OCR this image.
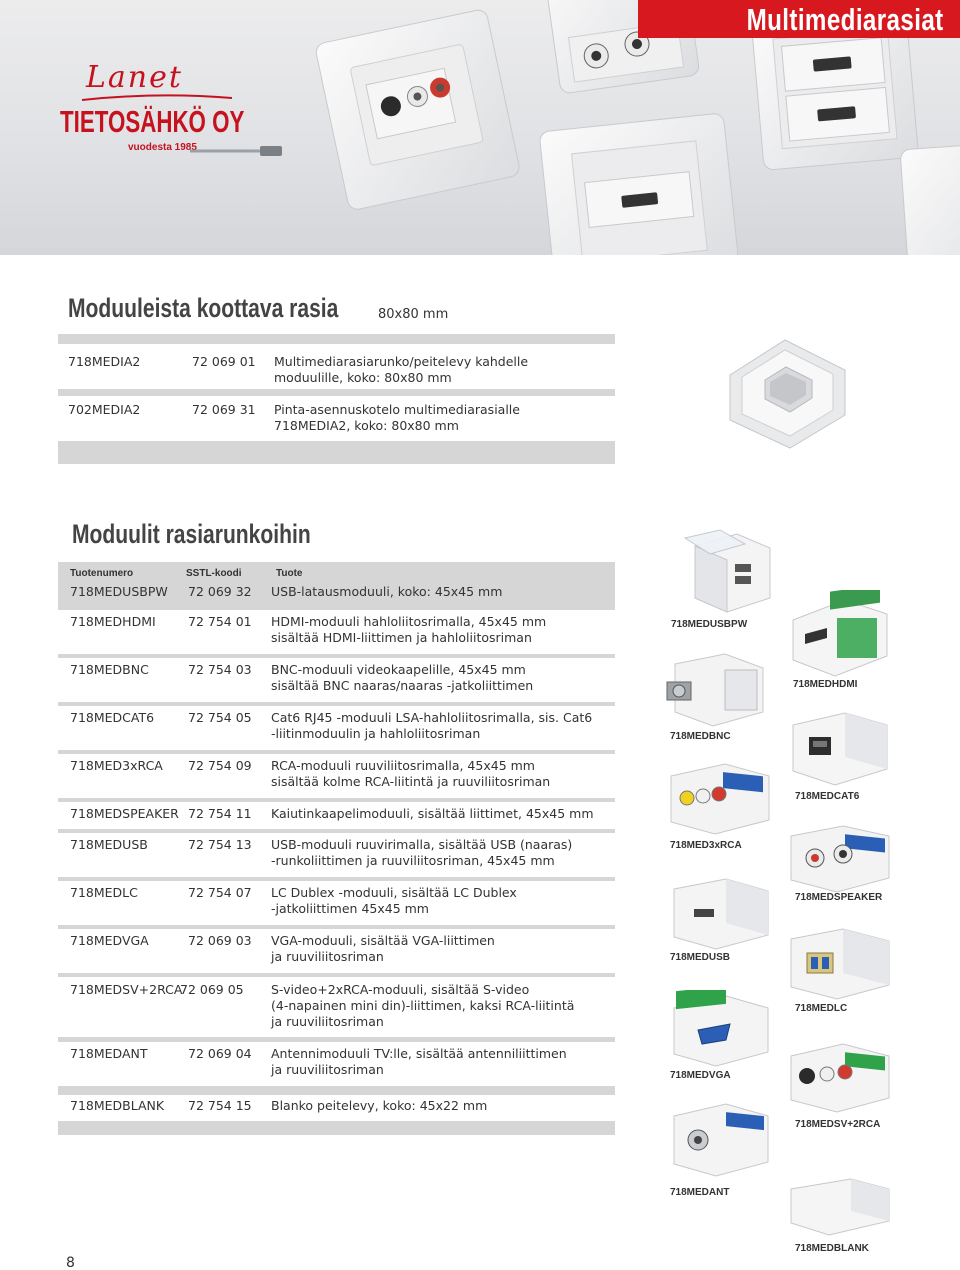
Multimediarasiat
Lanet
TIETOSÄHKÖ OY
vuodesta 1985
Moduuleista koottava rasia	80x80 mm
718MEDIA2	72 069 01 Multimediarasiarunko/peitelevy kahdelle
moduulille, koko: 80x80 mm
702MEDIA2	72 069 31 Pinta-asennuskotelo multimediarasialle
718MEDIA2, koko: 80x80 mm
Moduulit rasiarunkoihin
Tuotenumero	SSTL-koodi	Tuote
718MEDUSBPW 72 069 32 USB-latausmoduuli, koko: 45x45 mm
718MEDHDMI	72 754 01 HDMI-moduuli hahloliitosrimalla, 45x45 mm
sisältää HDMI-liittimen ja hahloliitosriman
718MEDBNC	72 754 03 BNC-moduuli videokaapelille, 45x45 mm
sisältää BNC naaras/naaras -jatkoliittimen
718MEDCAT6	72 754 05 Cat6 RJ45 -moduuli LSA-hahloliitosrimalla, sis. Cat6
-liitinmoduulin ja hahloliitosriman
718MED3xRCA 72 754 09 RCA-moduuli ruuviliitosrimalla, 45x45 mm
sisältää kolme RCA-liitintä ja ruuviliitosriman
718MEDSPEAKER 72 754 11 Kaiutinkaapelimoduuli, sisältää liittimet, 45x45 mm
718MEDUSB	72 754 13 USB-moduuli ruuvirimalla, sisältää USB (naaras)
-runkoliittimen ja ruuviliitosriman, 45x45 mm
718MEDLC	72 754 07 LC Dublex -moduuli, sisältää LC Dublex
-jatkoliittimen 45x45 mm
718MEDVGA	72 069 03 VGA-moduuli, sisältää VGA-liittimen
ja ruuviliitosriman
718MEDSV+2RCA
72 069 05 S-video+2xRCA-moduuli, sisältää S-video
(4-napainen mini din)-liittimen, kaksi RCA-liitintä
ja ruuviliitosriman
718MEDANT	72 069 04 Antennimoduuli TV:lle, sisältää antenniliittimen
ja ruuviliitosriman
718MEDBLANK 72 754 15 Blanko peitelevy, koko: 45x22 mm
718MEDUSBPW
718MEDHDMI
718MEDBNC
718MEDCAT6
718MED3xRCA
718MEDSPEAKER
718MEDUSB
718MEDLC
718MEDVGA
718MEDSV+2RCA
718MEDANT
718MEDBLANK
8
